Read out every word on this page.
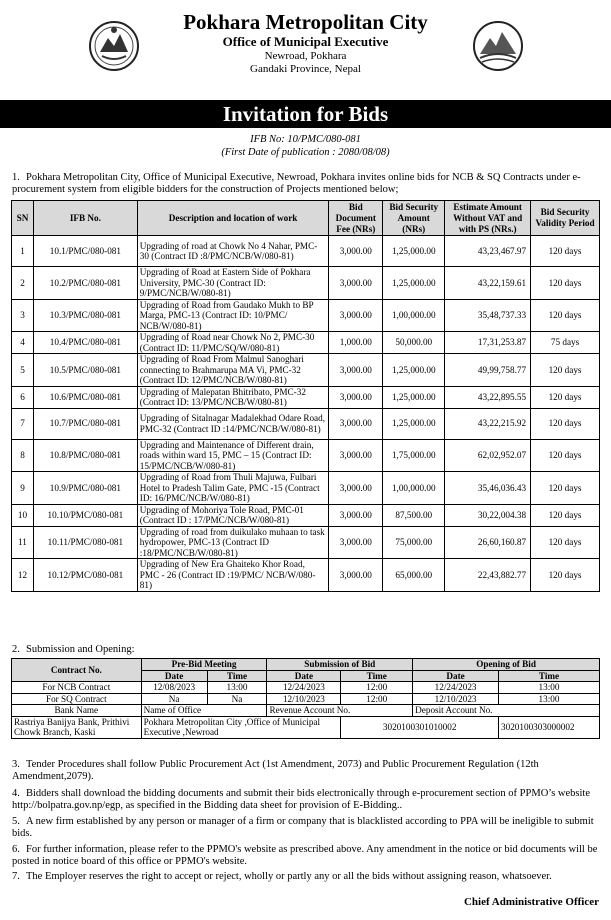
Pokhara Metropolitan City
Office of Municipal Executive
Newroad, Pokhara
Gandaki Province, Nepal
Invitation for Bids
IFB No: 10/PMC/080-081
(First Date of publication : 2080/08/08)
1. Pokhara Metropolitan City, Office of Municipal Executive, Newroad, Pokhara invites online bids for NCB & SQ Contracts under e-procurement system from eligible bidders for the construction of Projects mentioned below;
SN	IFB No.	Description and location of work	Bid Document Fee (NRs)	Bid Security Amount (NRs)	Estimate Amount Without VAT and with PS (NRs.)	Bid Security Validity Period
1	10.1/PMC/080-081	Upgrading of road at Chowk No 4 Nahar, PMC-30 (Contract ID :8/PMC/NCB/W/080-81)	3,000.00	1,25,000.00	43,23,467.97	120 days
2	10.2/PMC/080-081	Upgrading of Road at Eastern Side of Pokhara University, PMC-30 (Contract ID: 9/PMC/NCB/W/080-81)	3,000.00	1,25,000.00	43,22,159.61	120 days
3	10.3/PMC/080-081	Upgrading of Road from Gaudako Mukh to BP Marga, PMC-13 (Contract ID: 10/PMC/ NCB/W/080-81)	3,000.00	1,00,000.00	35,48,737.33	120 days
4	10.4/PMC/080-081	Upgrading of Road near Chowk No 2, PMC-30 (Contract ID: 11/PMC/SQ/W/080-81)	1,000.00	50,000.00	17,31,253.87	75 days
5	10.5/PMC/080-081	Upgrading of Road From Malmul Sanoghari connecting to Brahmarupa MA Vi, PMC-32 (Contract ID: 12/PMC/NCB/W/080-81)	3,000.00	1,25,000.00	49,99,758.77	120 days
6	10.6/PMC/080-081	Upgrading of Malepatan Bhitribato, PMC-32 (Contract ID: 13/PMC/NCB/W/080-81)	3,000.00	1,25,000.00	43,22,895.55	120 days
7	10.7/PMC/080-081	Upgrading of Sitalnagar Madalekhad Odare Road, PMC-32 (Contract ID :14/PMC/NCB/W/080-81)	3,000.00	1,25,000.00	43,22,215.92	120 days
8	10.8/PMC/080-081	Upgrading and Maintenance of Different drain, roads within ward 15, PMC – 15 (Contract ID: 15/PMC/NCB/W/080-81)	3,000.00	1,75,000.00	62,02,952.07	120 days
9	10.9/PMC/080-081	Upgrading of Road from Thuli Majuwa, Fulbari Hotel to Pradesh Talim Gate, PMC -15 (Contract ID: 16/PMC/NCB/W/080-81)	3,000.00	1,00,000.00	35,46,036.43	120 days
10	10.10/PMC/080-081	Upgrading of Mohoriya Tole Road, PMC-01 (Contract ID : 17/PMC/NCB/W/080-81)	3,000.00	87,500.00	30,22,004.38	120 days
11	10.11/PMC/080-081	Upgrading of road from duikulako muhaan to task hydropower, PMC-13 (Contract ID :18/PMC/NCB/W/080-81)	3,000.00	75,000.00	26,60,160.87	120 days
12	10.12/PMC/080-081	Upgrading of New Era Ghaiteko Khor Road, PMC - 26 (Contract ID :19/PMC/ NCB/W/080-81)	3,000.00	65,000.00	22,43,882.77	120 days
2. Submission and Opening:
Contract No.	Pre-Bid Meeting		Submission of Bid		Opening of Bid	
	Date	Time	Date	Time	Date	Time
For NCB Contract	12/08/2023	13:00	12/24/2023	12:00	12/24/2023	13:00
For SQ Contract	Na	Na	12/10/2023	12:00	12/10/2023	13:00
Bank Name	Name of Office		Revenue Account No.		Deposit Account No.	
Rastriya Banijya Bank, Prithivi Chowk Branch, Kaski	Pokhara Metropolitan City ,Office of Municipal Executive ,Newroad			3020100301010002		3020100303000002
3. Tender Procedures shall follow Public Procurement Act (1st Amendment, 2073) and Public Procurement Regulation (12th Amendment,2079).
4. Bidders shall download the bidding documents and submit their bids electronically through e-procurement section of PPMO’s website http://bolpatra.gov.np/egp, as specified in the Bidding data sheet for provision of E-Bidding..
5. A new firm established by any person or manager of a firm or company that is blacklisted according to PPA will be ineligible to submit bids.
6. For further information, please refer to the PPMO's website as prescribed above. Any amendment in the notice or bid documents will be posted in notice board of this office or PPMO's website.
7. The Employer reserves the right to accept or reject, wholly or partly any or all the bids without assigning reason, whatsoever.
Chief Administrative Officer
